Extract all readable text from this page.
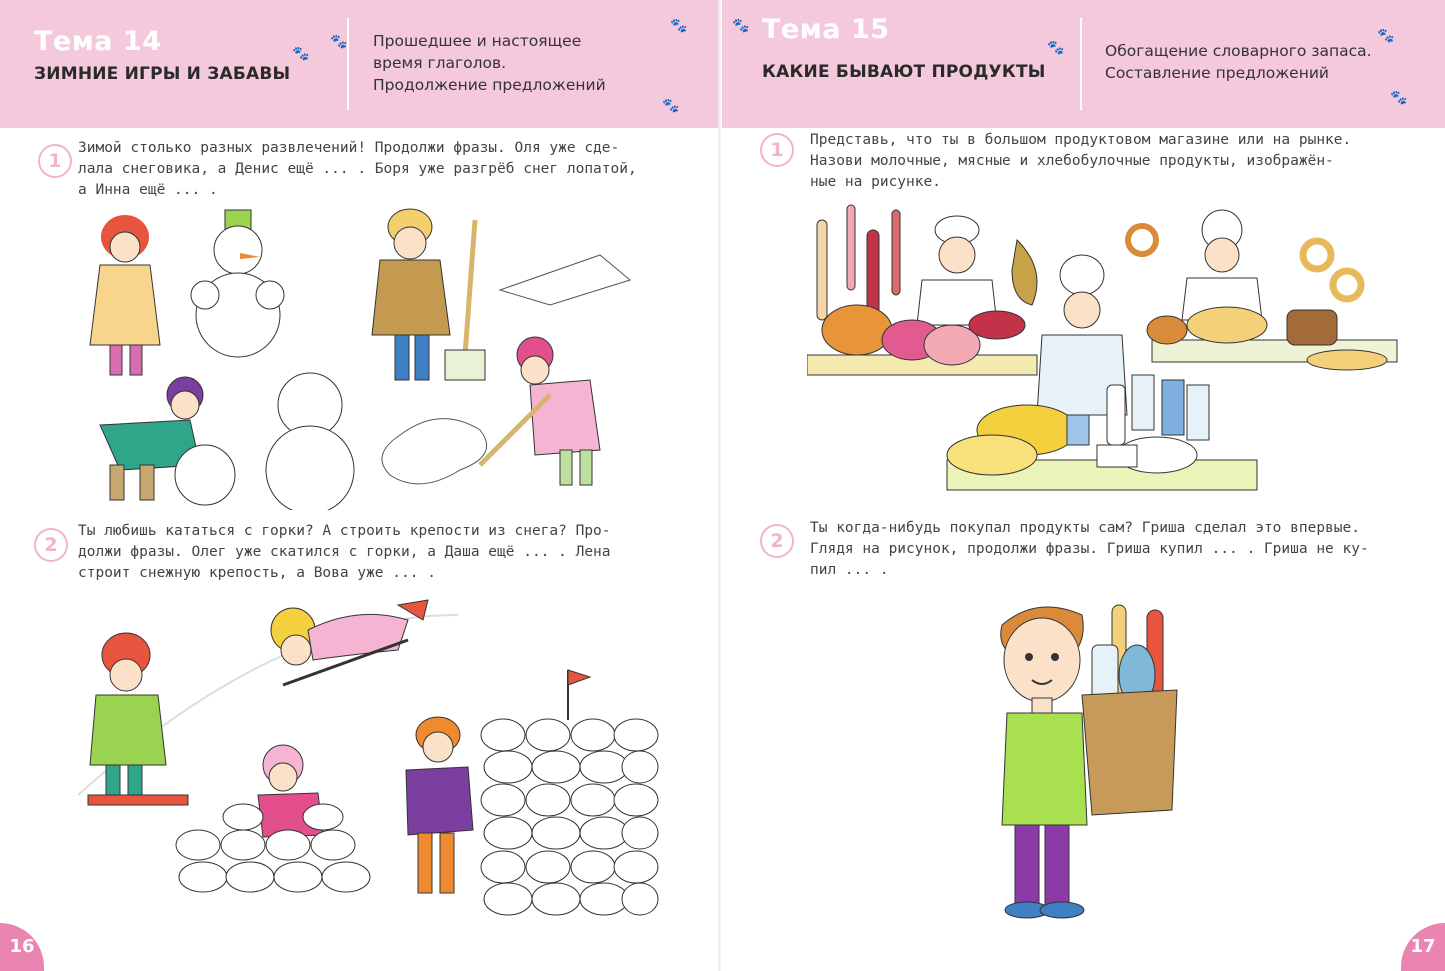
🐾
🐾
🐾
🐾
Тема 14
ЗИМНИЕ ИГРЫ И ЗАБАВЫ
Прошедшее и настоящее
время глаголов.
Продолжение предложений
1
Зимой столько разных развлечений! Продолжи фразы. Оля уже сде-
лала снеговика, а Денис ещё ... . Боря уже разгрёб снег лопатой,
а Инна ещё ... .
2
Ты любишь кататься с горки? А строить крепости из снега? Про-
должи фразы. Олег уже скатился с горки, а Даша ещё ... . Лена
строит снежную крепость, а Вова уже ... .
16
🐾
🐾
🐾
🐾
Тема 15
КАКИЕ БЫВАЮТ ПРОДУКТЫ
Обогащение словарного запаса.
Составление предложений
1	Представь, что ты в большом продуктовом магазине или на рынке.
Назови молочные, мясные и хлебобулочные продукты, изображён-
ные на рисунке.
2
Ты когда-нибудь покупал продукты сам? Гриша сделал это впервые.
Глядя на рисунок, продолжи фразы. Гриша купил ... . Гриша не ку-
пил ... .
17
